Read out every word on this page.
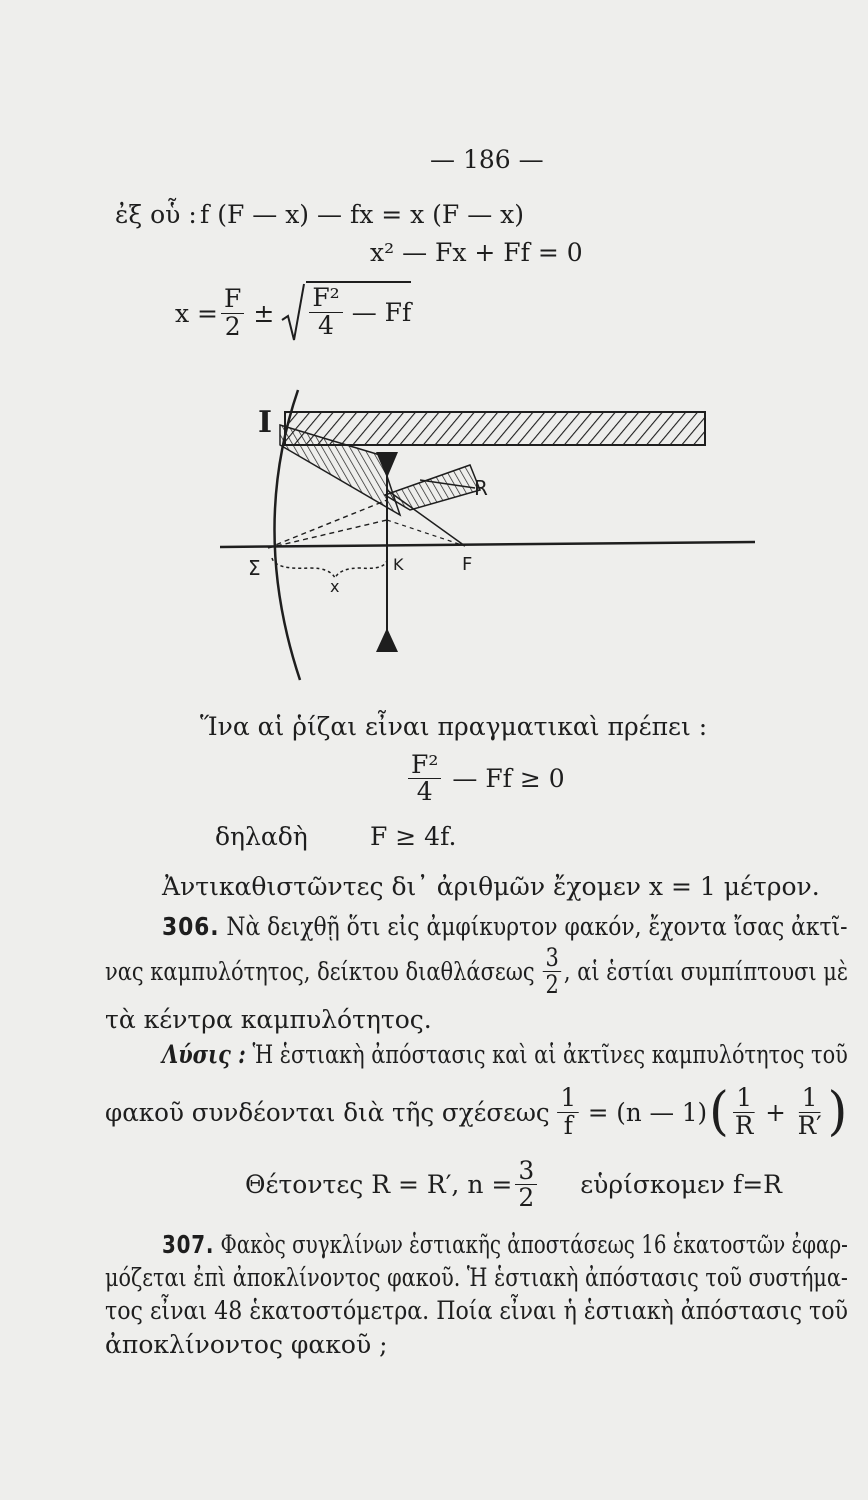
— 186 —
ἐξ οὗ : f (F — x) — fx = x (F — x)
x² — Fx + Ff = 0
$x = \frac{F}{2} \pm \frac{\text{F²}}{4}$ — Ff
I
R
Σ	K	F
x
Ἵνα αἱ ῥίζαι εἶναι πραγματικαὶ πρέπει :
$\frac{\text{F²}}{4}$ — Ff ≥ 0
δηλαδὴ F ≥ 4f.
Ἀντικαθιστῶντες δι᾽ ἀριθμῶν ἔχομεν x = 1 μέτρον.
306. Νὰ δειχθῇ ὅτι εἰς ἀμφίκυρτον φακόν, ἔχοντα ἴσας ἀκτῖ-
νας καμπυλότητος, δείκτου διαθλάσεως $\frac{3}{2}$ , αἱ ἑστίαι συμπίπτουσι μὲ
τὰ κέντρα καμπυλότητος.
Λύσις : Ἡ ἑστιακὴ ἀπόστασις καὶ αἱ ἀκτῖνες καμπυλότητος τοῦ
φακοῦ συνδέονται διὰ τῆς σχέσεως $\frac{1}{f} = (n$ — 1) ( $\frac{1}{R} + \frac{1}{R'}$ )
Θέτοντες R = R′, $n = \frac{3}{2}$ εὑρίσκομεν f=R
307. Φακὸς συγκλίνων ἑστιακῆς ἀποστάσεως 16 ἑκατοστῶν ἐφαρ-
μόζεται ἐπὶ ἀποκλίνοντος φακοῦ. Ἡ ἑστιακὴ ἀπόστασις τοῦ συστήμα-
τος εἶναι 48 ἑκατοστόμετρα. Ποία εἶναι ἡ ἑστιακὴ ἀπόστασις τοῦ
ἀποκλίνοντος φακοῦ ;
